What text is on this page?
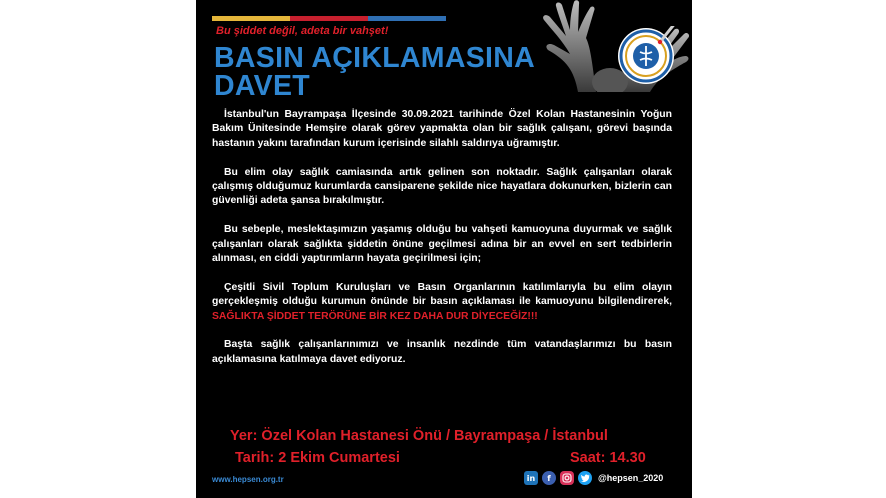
Bu şiddet değil, adeta bir vahşet!
BASIN AÇIKLAMASINA
DAVET

İstanbul'un Bayrampaşa İlçesinde 30.09.2021 tarihinde Özel Kolan Hastanesinin Yoğun Bakım Ünitesinde Hemşire olarak görev yapmakta olan bir sağlık çalışanı, görevi başında hastanın yakını tarafından kurum içerisinde silahlı saldırıya uğramıştır.

Bu elim olay sağlık camiasında artık gelinen son noktadır. Sağlık çalışanları olarak çalışmış olduğumuz kurumlarda cansiparene şekilde nice hayatlara dokunurken, bizlerin can güvenliği adeta şansa bırakılmıştır.

Bu sebeple, meslektaşımızın yaşamış olduğu bu vahşeti kamuoyuna duyurmak ve sağlık çalışanları olarak sağlıkta şiddetin önüne geçilmesi adına bir an evvel en sert tedbirlerin alınması, en ciddi yaptırımların hayata geçirilmesi için;

Çeşitli Sivil Toplum Kuruluşları ve Basın Organlarının katılımlarıyla bu elim olayın gerçekleşmiş olduğu kurumun önünde bir basın açıklaması ile kamuoyunu bilgilendirerek, SAĞLIKTA ŞİDDET TERÖRÜNE BİR KEZ DAHA DUR DİYECEĞİZ!!!

Başta sağlık çalışanlarınımızı ve insanlık nezdinde tüm vatandaşlarımızı bu basın açıklamasına katılmaya davet ediyoruz.

Yer: Özel Kolan Hastanesi Önü / Bayrampaşa / İstanbul
Tarih: 2 Ekim Cumartesi	Saat: 14.30
www.hepsen.org.tr	in	f	@hepsen_2020
